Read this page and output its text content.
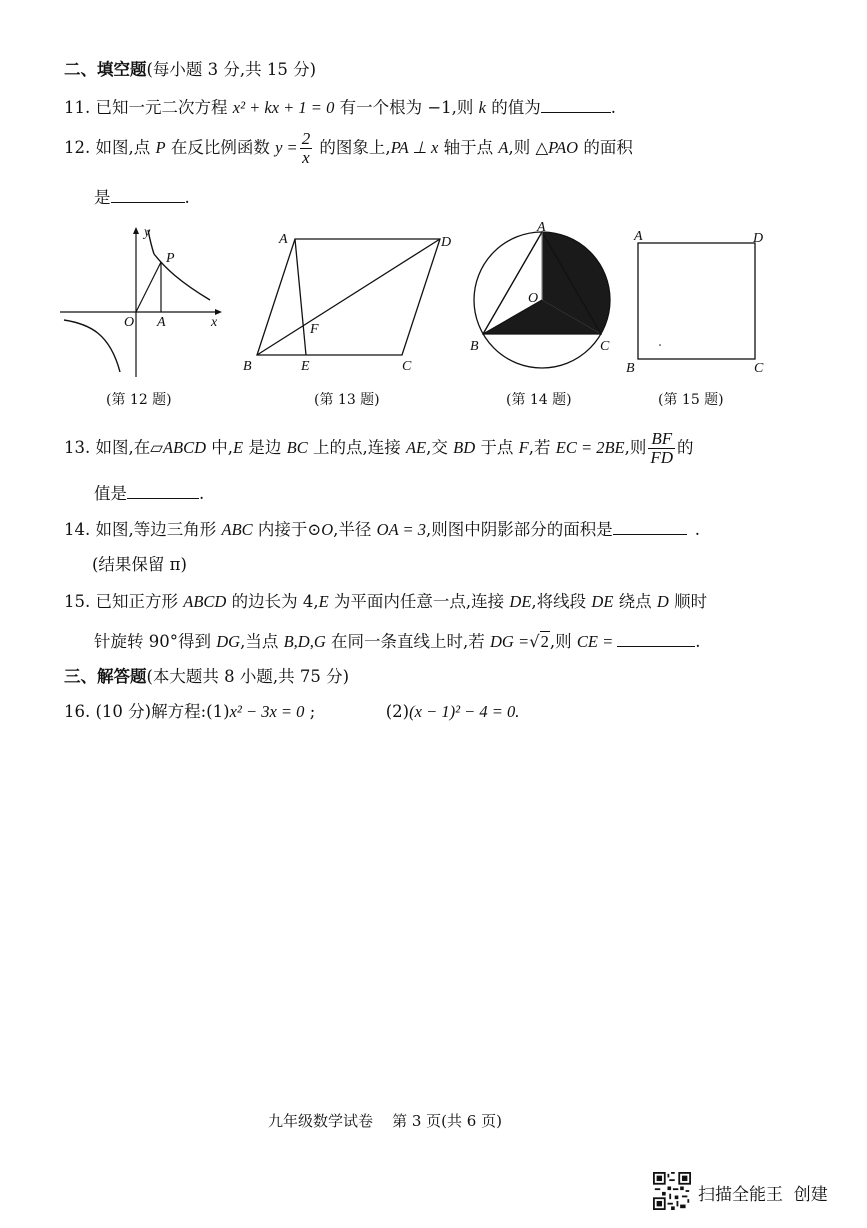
二、填空题(每小题 3 分,共 15 分)
11. 已知一元二次方程 x² + kx + 1 = 0 有一个根为 −1,则 k 的值为	.
12. 如图,点 P 在反比例函数 $y = \frac{2}{x}$ 的图象上,PA ⊥ x 轴于点 A,则 △PAO 的面积
是	.
y
x
O A
P
(第 12 题)
A	D
B	E	C
F
(第 13 题)
A
O
B	C
(第 14 题)
A	D
B	C
(第 15 题)
13. 如图,在▱ABCD 中,E 是边 BC 上的点,连接 AE,交 BD 于点 F,若 EC = 2BE,则 $\frac{BF}{FD}$ 的
值是	.
14. 如图,等边三角形 ABC 内接于⊙O,半径 OA = 3,则图中阴影部分的面积是	.
(结果保留 π)
15. 已知正方形 ABCD 的边长为 4,E 为平面内任意一点,连接 DE,将线段 DE 绕点 D 顺时
针旋转 90°得到 DG,当点 B,D,G 在同一条直线上时,若 DG =√2,则 CE =	.
三、解答题(本大题共 8 小题,共 75 分)
16. (10 分)解方程:(1)x² − 3x = 0 ;	(2)(x − 1)² − 4 = 0.
九年级数学试卷    第 3 页(共 6 页)
扫描全能王  创建
